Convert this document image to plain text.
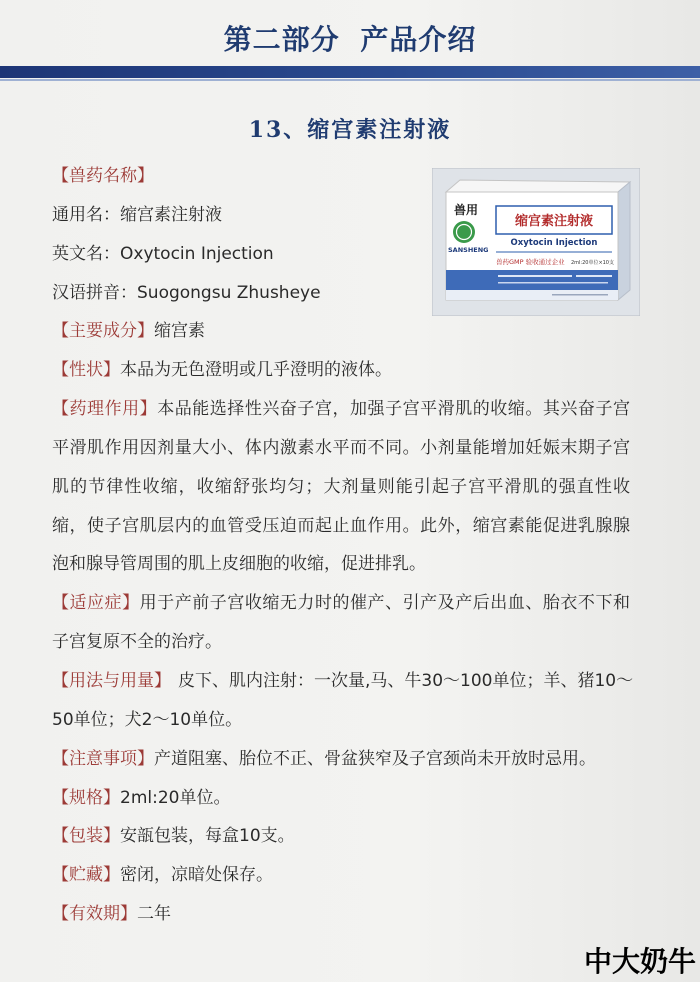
第二部分 产品介绍
13、缩宫素注射液
兽用
SANSHENG
缩宫素注射液
Oxytocin Injection
兽药GMP 验收通过企业 2ml:20单位×10支
【兽药名称】
通用名：缩宫素注射液
英文名：Oxytocin Injection
汉语拼音：Suogongsu Zhusheye
【主要成分】缩宫素
【性状】本品为无色澄明或几乎澄明的液体。
【药理作用】本品能选择性兴奋子宫，加强子宫平滑肌的收缩。其兴奋子宫
平滑肌作用因剂量大小、体内激素水平而不同。小剂量能增加妊娠末期子宫
肌的节律性收缩，收缩舒张均匀；大剂量则能引起子宫平滑肌的强直性收
缩，使子宫肌层内的血管受压迫而起止血作用。此外，缩宫素能促进乳腺腺
泡和腺导管周围的肌上皮细胞的收缩，促进排乳。
【适应症】用于产前子宫收缩无力时的催产、引产及产后出血、胎衣不下和
子宫复原不全的治疗。
【用法与用量】 皮下、肌内注射：一次量,马、牛30～100单位；羊、猪10～
50单位；犬2～10单位。
【注意事项】产道阻塞、胎位不正、骨盆狭窄及子宫颈尚未开放时忌用。
【规格】2ml:20单位。
【包装】安瓿包装，每盒10支。
【贮藏】密闭，凉暗处保存。
【有效期】二年
中大奶牛
